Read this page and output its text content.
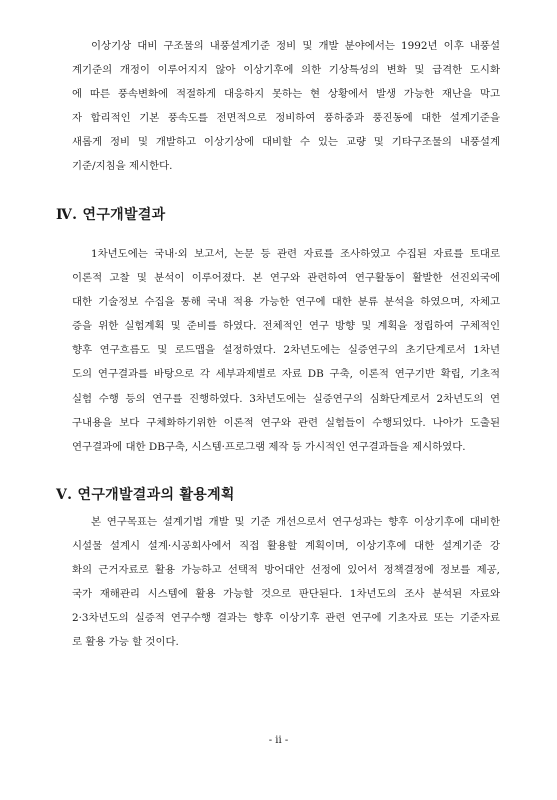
이상기상 대비 구조물의 내풍설계기준 정비 및 개발 분야에서는 1992년 이후 내풍설
계기준의 개정이 이루어지지 않아 이상기후에 의한 기상특성의 변화 및 급격한 도시화
에 따른 풍속변화에 적절하게 대응하지 못하는 현 상황에서 발생 가능한 재난을 막고
자 합리적인 기본 풍속도를 전면적으로 정비하여 풍하중과 풍진동에 대한 설계기준을
새롭게 정비 및 개발하고 이상기상에 대비할 수 있는 교량 및 기타구조물의 내풍설계
기준/지침을 제시한다.
Ⅳ. 연구개발결과
1차년도에는 국내·외 보고서, 논문 등 관련 자료를 조사하였고 수집된 자료를 토대로
이론적 고찰 및 분석이 이루어졌다. 본 연구와 관련하여 연구활동이 활발한 선진외국에
대한 기술정보 수집을 통해 국내 적용 가능한 연구에 대한 분류 분석을 하였으며, 자체고
증을 위한 실험계획 및 준비를 하였다. 전체적인 연구 방향 및 계획을 정립하여 구체적인
향후 연구흐름도 및 로드맵을 설정하였다. 2차년도에는 실증연구의 초기단계로서 1차년
도의 연구결과를 바탕으로 각 세부과제별로 자료 DB 구축, 이론적 연구기반 확립, 기초적
실험 수행 등의 연구를 진행하였다. 3차년도에는 실증연구의 심화단계로서 2차년도의 연
구내용을 보다 구체화하기위한 이론적 연구와 관련 실험들이 수행되었다. 나아가 도출된
연구결과에 대한 DB구축, 시스템·프로그램 제작 등 가시적인 연구결과들을 제시하였다.
Ⅴ. 연구개발결과의 활용계획
본 연구목표는 설계기법 개발 및 기준 개선으로서 연구성과는 향후 이상기후에 대비한
시설물 설계시 설계·시공회사에서 직접 활용할 계획이며, 이상기후에 대한 설계기준 강
화의 근거자료로 활용 가능하고 선택적 방어대안 선정에 있어서 정책결정에 정보를 제공,
국가 재해관리 시스템에 활용 가능할 것으로 판단된다. 1차년도의 조사 분석된 자료와
2·3차년도의 실증적 연구수행 결과는 향후 이상기후 관련 연구에 기초자료 또는 기준자료
로 활용 가능 할 것이다.
- ii -
